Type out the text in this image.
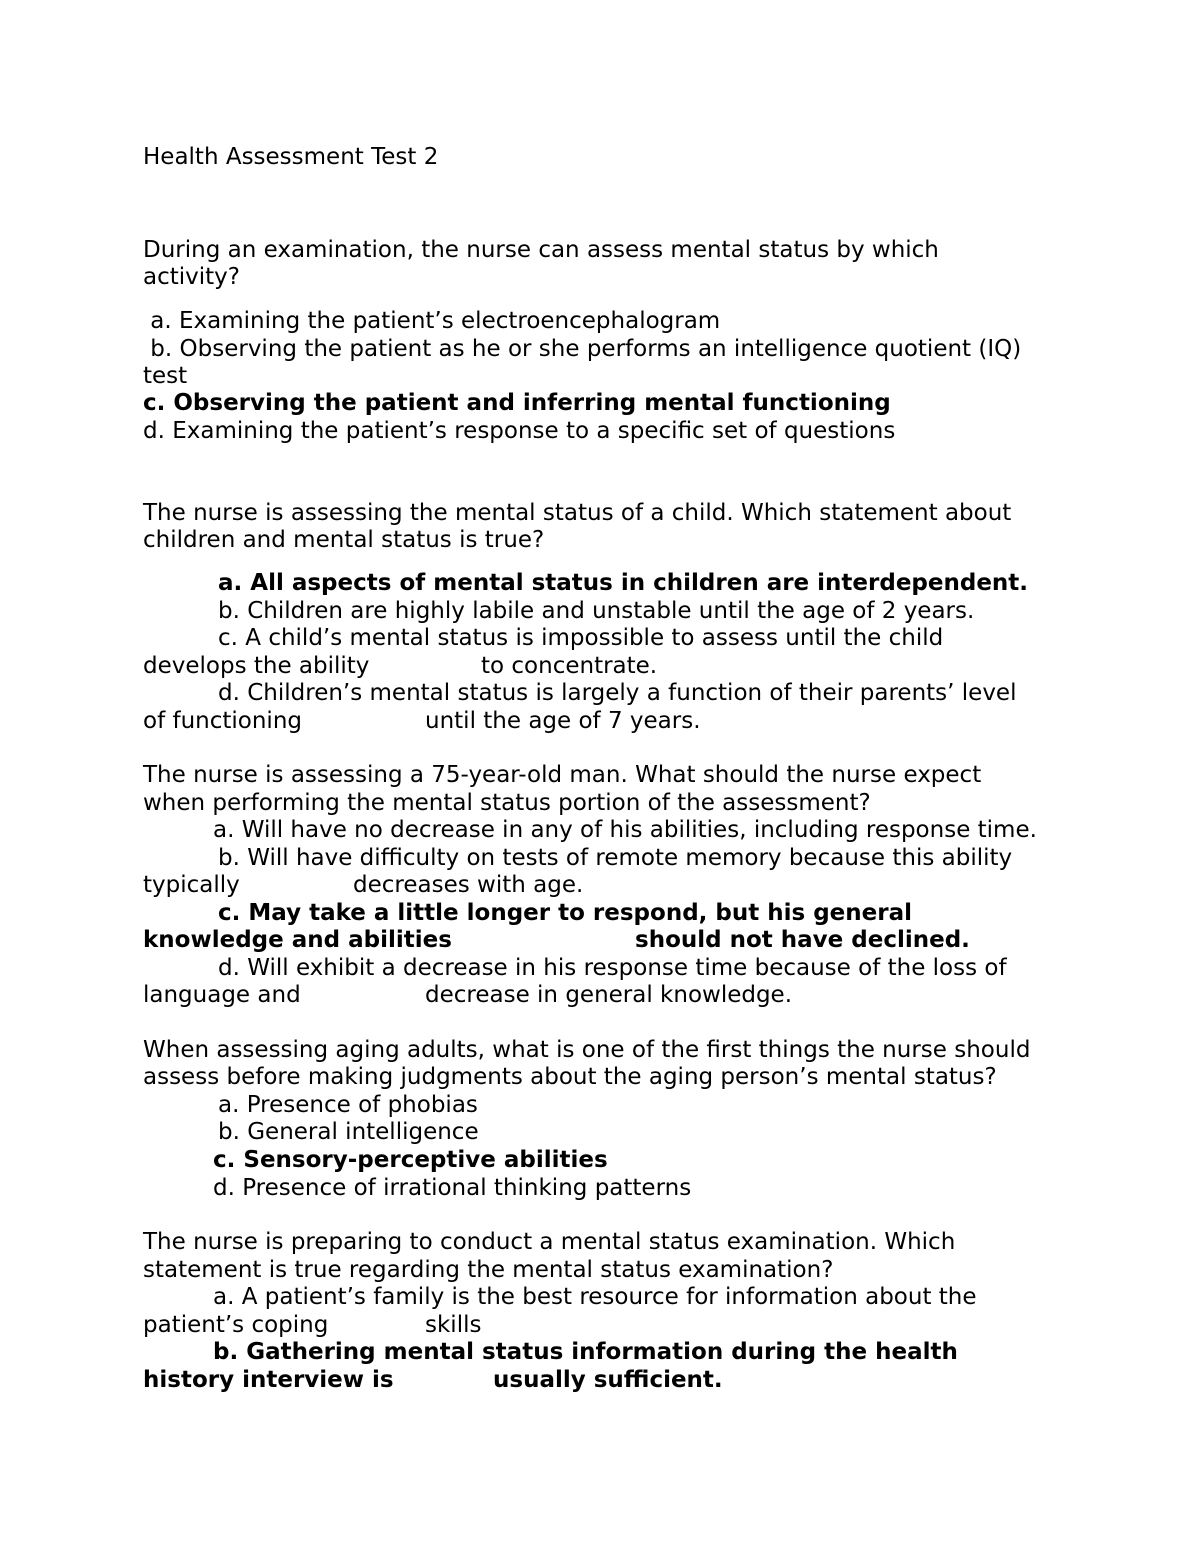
Health Assessment Test 2
During an examination, the nurse can assess mental status by which
activity?
a. Examining the patient’s electroencephalogram
b. Observing the patient as he or she performs an intelligence quotient (IQ)
test
c. Observing the patient and inferring mental functioning
d. Examining the patient’s response to a specific set of questions
The nurse is assessing the mental status of a child. Which statement about
children and mental status is true?
a. All aspects of mental status in children are interdependent.
b. Children are highly labile and unstable until the age of 2 years.
c. A child’s mental status is impossible to assess until the child
develops the ability	to concentrate.
d. Children’s mental status is largely a function of their parents’ level
of functioning	until the age of 7 years.
The nurse is assessing a 75-year-old man. What should the nurse expect
when performing the mental status portion of the assessment?
a. Will have no decrease in any of his abilities, including response time.
b. Will have difficulty on tests of remote memory because this ability
typically	decreases with age.
c. May take a little longer to respond, but his general
knowledge and abilities	should not have declined.
d. Will exhibit a decrease in his response time because of the loss of
language and	decrease in general knowledge.
When assessing aging adults, what is one of the first things the nurse should
assess before making judgments about the aging person’s mental status?
a. Presence of phobias
b. General intelligence
c. Sensory-perceptive abilities
d. Presence of irrational thinking patterns
The nurse is preparing to conduct a mental status examination. Which
statement is true regarding the mental status examination?
a. A patient’s family is the best resource for information about the
patient’s coping	skills
b. Gathering mental status information during the health
history interview is	usually sufficient.
